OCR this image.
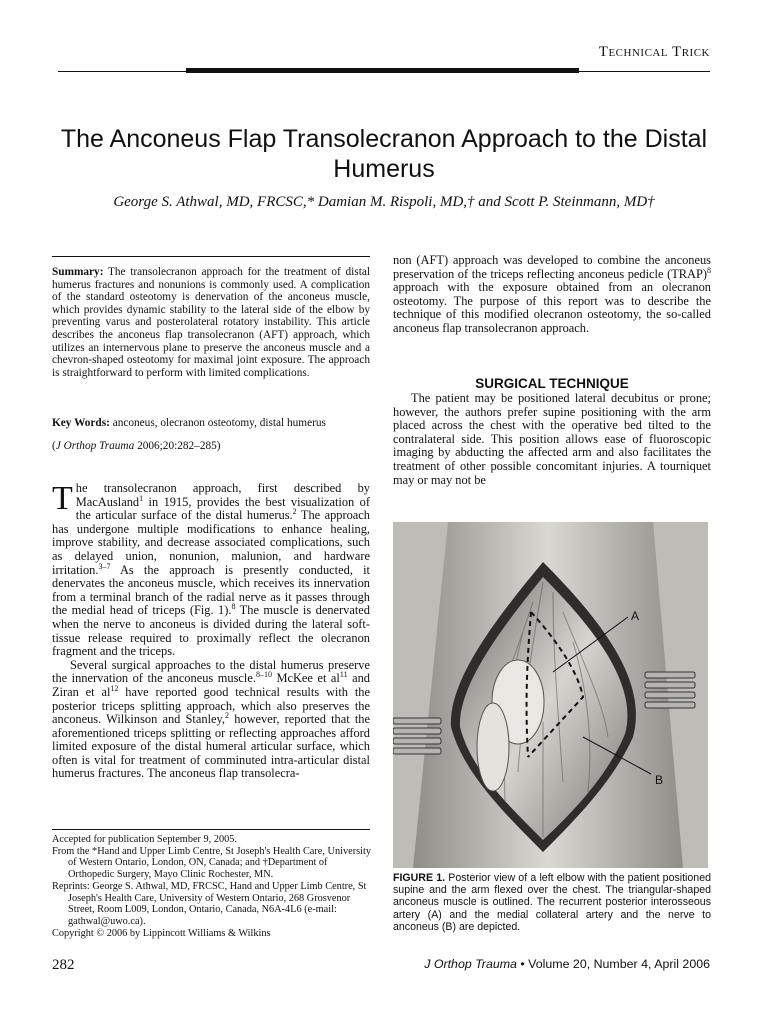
Technical Trick
The Anconeus Flap Transolecranon Approach to the Distal Humerus
George S. Athwal, MD, FRCSC,* Damian M. Rispoli, MD,† and Scott P. Steinmann, MD†

Summary: The transolecranon approach for the treatment of distal humerus fractures and nonunions is commonly used. A complication of the standard osteotomy is denervation of the anconeus muscle, which provides dynamic stability to the lateral side of the elbow by preventing varus and posterolateral rotatory instability. This article describes the anconeus flap transolecranon (AFT) approach, which utilizes an internervous plane to preserve the anconeus muscle and a chevron-shaped osteotomy for maximal joint exposure. The approach is straightforward to perform with limited complications.

Key Words: anconeus, olecranon osteotomy, distal humerus

(J Orthop Trauma 2006;20:282–285)

The transolecranon approach, first described by MacAusland$^1$ in 1915, provides the best visualization of the articular surface of the distal humerus.$^2$ The approach has undergone multiple modifications to enhance healing, improve stability, and decrease associated complications, such as delayed union, nonunion, malunion, and hardware irritation.$^{3-7}$ As the approach is presently conducted, it denervates the anconeus muscle, which receives its innervation from a terminal branch of the radial nerve as it passes through the medial head of triceps (Fig. 1).$^8$ The muscle is denervated when the nerve to anconeus is divided during the lateral soft-tissue release required to proximally reflect the olecranon fragment and the triceps.

Several surgical approaches to the distal humerus preserve the innervation of the anconeus muscle.$^{8-10}$ McKee et $al^{11}$ and Ziran et $al^{12}$ have reported good technical results with the posterior triceps splitting approach, which also preserves the anconeus. Wilkinson and Stanley,$^2$ however, reported that the aforementioned triceps splitting or reflecting approaches afford limited exposure of the distal humeral articular surface, which often is vital for treatment of comminuted intra-articular distal humerus fractures. The anconeus flap transolecra-

Accepted for publication September 9, 2005.

From the *Hand and Upper Limb Centre, St Joseph's Health Care, University of Western Ontario, London, ON, Canada; and †Department of Orthopedic Surgery, Mayo Clinic Rochester, MN.

Reprints: George S. Athwal, MD, FRCSC, Hand and Upper Limb Centre, St Joseph's Health Care, University of Western Ontario, 268 Grosvenor Street, Room L009, London, Ontario, Canada, N6A-4L6 (e-mail: gathwal@uwo.ca).

Copyright © 2006 by Lippincott Williams & Wilkins

non (AFT) approach was developed to combine the anconeus preservation of the triceps reflecting anconeus pedicle (TRAP)$^8$ approach with the exposure obtained from an olecranon osteotomy. The purpose of this report was to describe the technique of this modified olecranon osteotomy, the so-called anconeus flap transolecranon approach.

SURGICAL TECHNIQUE

The patient may be positioned lateral decubitus or prone; however, the authors prefer supine positioning with the arm placed across the chest with the operative bed tilted to the contralateral side. This position allows ease of fluoroscopic imaging by abducting the affected arm and also facilitates the treatment of other possible concomitant injuries. A tourniquet may or may not be

A
B
FIGURE 1. Posterior view of a left elbow with the patient positioned supine and the arm flexed over the chest. The triangular-shaped anconeus muscle is outlined. The recurrent posterior interosseous artery (A) and the medial collateral artery and the nerve to anconeus (B) are depicted.
282	J Orthop Trauma • Volume 20, Number 4, April 2006
